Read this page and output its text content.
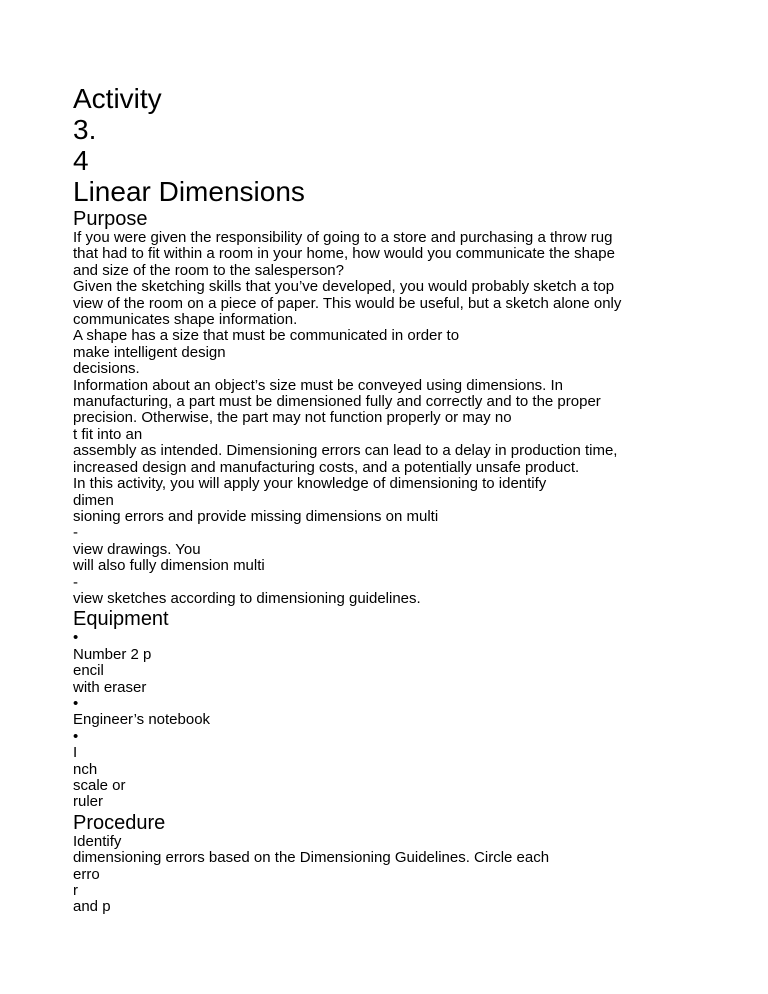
Activity
3.
4
Linear Dimensions
Purpose
If you were given the responsibility of going to a store and purchasing a throw rug
that had to fit within a room in your home, how would you communicate the shape
and size of the room to the salesperson?
Given the sketching skills that you’ve developed, you would probably sketch a top
view of the room on a piece of paper. This would be useful, but a sketch alone only
communicates shape information.
A shape has a size that must be communicated in order to
make intelligent design
decisions.
Information about an object’s size must be conveyed using dimensions. In
manufacturing, a part must be dimensioned fully and correctly and to the proper
precision. Otherwise, the part may not function properly or may no
t fit into an
assembly as intended. Dimensioning errors can lead to a delay in production time,
increased design and manufacturing costs, and a potentially unsafe product.
In this activity, you will apply your knowledge of dimensioning to identify
dimen
sioning errors and provide missing dimensions on multi
-
view drawings. You
will also fully dimension multi
-
view sketches according to dimensioning guidelines.
Equipment
•
Number 2 p
encil
with eraser
•
Engineer’s notebook
•
I
nch
scale or
ruler
Procedure
Identify
dimensioning errors based on the Dimensioning Guidelines. Circle each
erro
r
and p
